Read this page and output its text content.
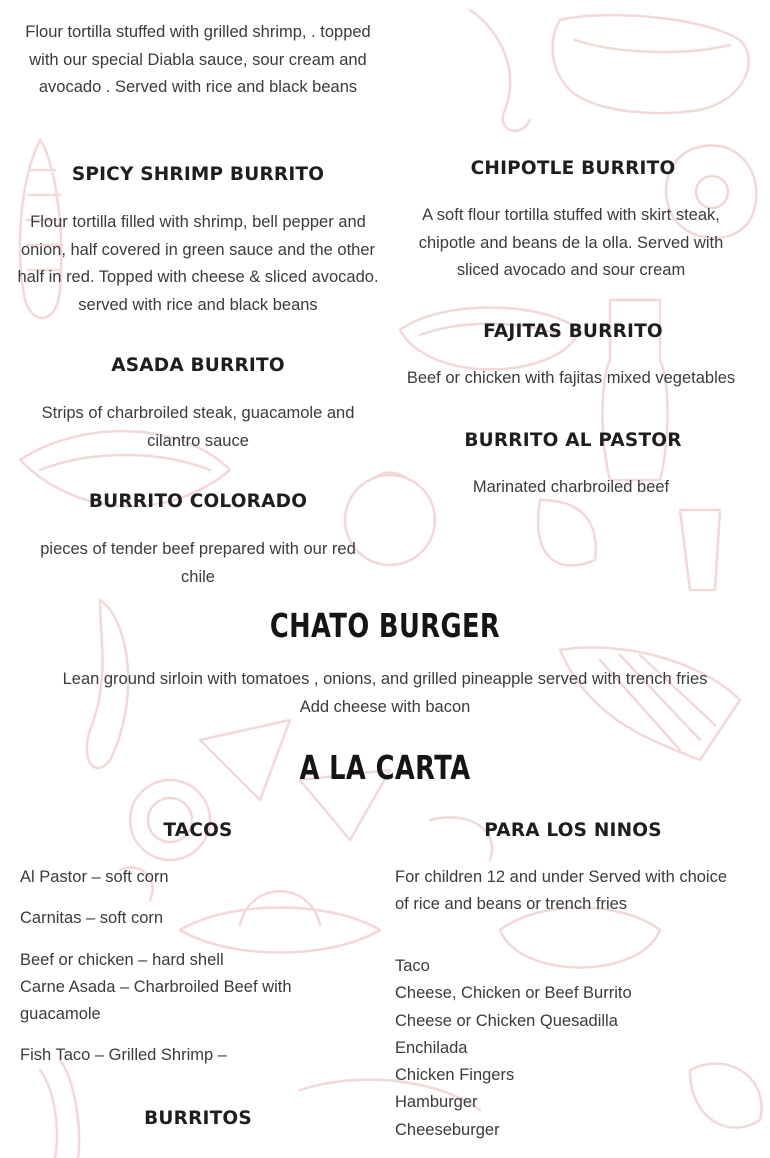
Flour tortilla stuffed with grilled shrimp, . topped with our special Diabla sauce, sour cream and avocado . Served with rice and black beans
SPICY SHRIMP BURRITO
Flour tortilla filled with shrimp, bell pepper and onion, half covered in green sauce and the other half in red. Topped with cheese & sliced avocado. served with rice and black beans
ASADA BURRITO
Strips of charbroiled steak, guacamole and cilantro sauce
BURRITO COLORADO
pieces of tender beef prepared with our red chile
CHIPOTLE BURRITO
A soft flour tortilla stuffed with skirt steak, chipotle and beans de la olla. Served with sliced avocado and sour cream
FAJITAS BURRITO
Beef or chicken with fajitas mixed vegetables
BURRITO AL PASTOR
Marinated charbroiled beef
CHATO BURGER
Lean ground sirloin with tomatoes , onions, and grilled pineapple served with trench fries
Add cheese with bacon
A LA CARTA
TACOS
Al Pastor – soft corn
Carnitas – soft corn
Beef or chicken – hard shell
Carne Asada – Charbroiled Beef with guacamole
Fish Taco – Grilled Shrimp –
BURRITOS
PARA LOS NINOS
For children 12 and under Served with choice of rice and beans or trench fries
Taco
Cheese, Chicken or Beef Burrito
Cheese or Chicken Quesadilla
Enchilada
Chicken Fingers
Hamburger
Cheeseburger
